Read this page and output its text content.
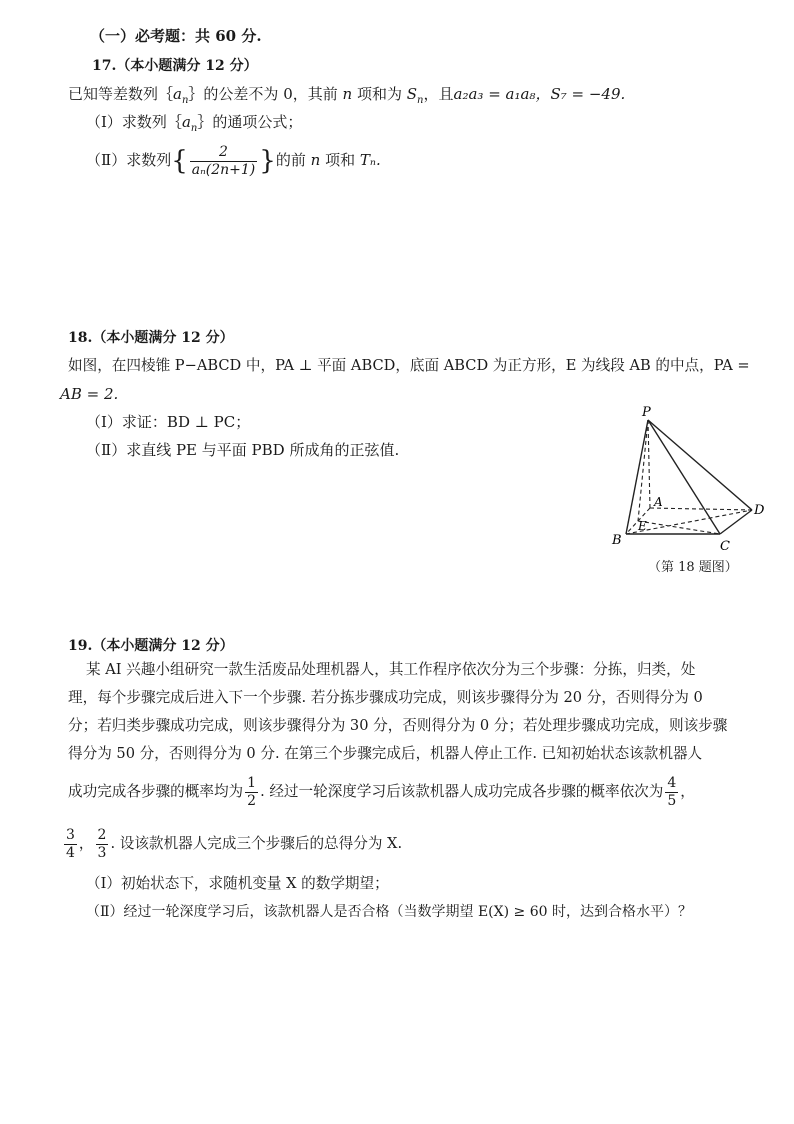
（一）必考题：共 60 分.
17.（本小题满分 12 分）
已知等差数列$\{a_n\}$的公差不为 0，其前 n 项和为 $S_n$，且a₂a₃ = a₁a₈，S₇ = −49.
（Ⅰ）求数列$\{a_n\}$的通项公式；
（Ⅱ）求数列{ $\frac{2}{\text{aₙ(2n+1)}}$ }的前 n 项和 Tₙ.
18.（本小题满分 12 分）
如图，在四棱锥 P−ABCD 中，PA ⊥ 平面 ABCD，底面 ABCD 为正方形，E 为线段 AB 的中点，PA =
AB = 2.
（Ⅰ）求证：BD ⊥ PC；
（Ⅱ）求直线 PE 与平面 PBD 所成角的正弦值.
P
A
B	C
D
E
（第 18 题图）
19.（本小题满分 12 分）
某 AI 兴趣小组研究一款生活废品处理机器人，其工作程序依次分为三个步骤：分拣，归类，处
理，每个步骤完成后进入下一个步骤. 若分拣步骤成功完成，则该步骤得分为 20 分，否则得分为 0
分；若归类步骤成功完成，则该步骤得分为 30 分，否则得分为 0 分；若处理步骤成功完成，则该步骤
得分为 50 分，否则得分为 0 分. 在第三个步骤完成后，机器人停止工作. 已知初始状态该款机器人
成功完成各步骤的概率均为 $\frac{1}{2}$ . 经过一轮深度学习后该款机器人成功完成各步骤的概率依次为 $\frac{4}{5}$ ，
$\frac{3}{4}$ ， $\frac{2}{3}$ . 设该款机器人完成三个步骤后的总得分为 X.
（Ⅰ）初始状态下，求随机变量 X 的数学期望；
（Ⅱ）经过一轮深度学习后，该款机器人是否合格（当数学期望 E(X) ≥ 60 时，达到合格水平）？
